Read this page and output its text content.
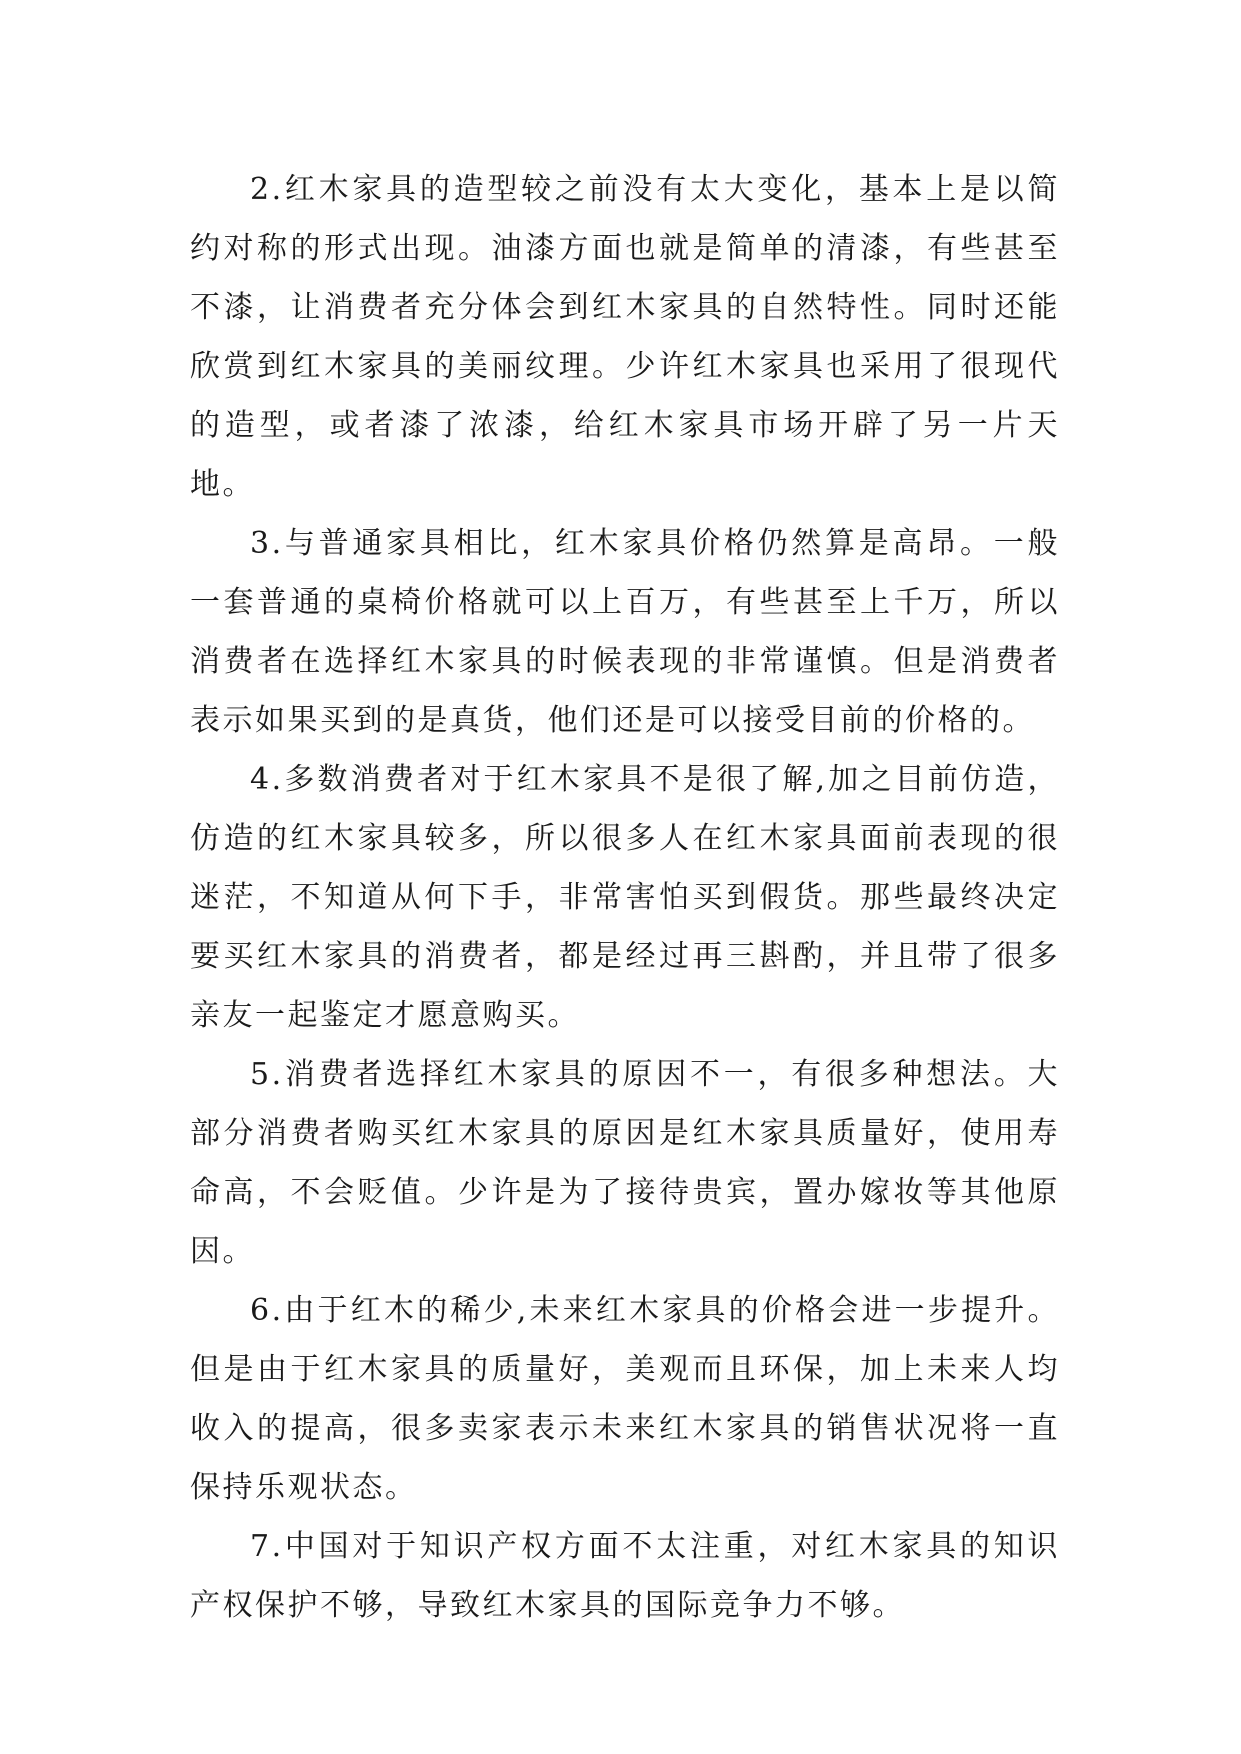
2.红木家具的造型较之前没有太大变化，基本上是以简约对称的形式出现。油漆方面也就是简单的清漆，有些甚至不漆，让消费者充分体会到红木家具的自然特性。同时还能欣赏到红木家具的美丽纹理。少许红木家具也采用了很现代的造型，或者漆了浓漆，给红木家具市场开辟了另一片天地。

3.与普通家具相比，红木家具价格仍然算是高昂。一般一套普通的桌椅价格就可以上百万，有些甚至上千万，所以消费者在选择红木家具的时候表现的非常谨慎。但是消费者表示如果买到的是真货，他们还是可以接受目前的价格的。

4.多数消费者对于红木家具不是很了解,加之目前仿造，仿造的红木家具较多，所以很多人在红木家具面前表现的很迷茫，不知道从何下手，非常害怕买到假货。那些最终决定要买红木家具的消费者，都是经过再三斟酌，并且带了很多亲友一起鉴定才愿意购买。

5.消费者选择红木家具的原因不一，有很多种想法。大部分消费者购买红木家具的原因是红木家具质量好，使用寿命高，不会贬值。少许是为了接待贵宾，置办嫁妆等其他原因。

6.由于红木的稀少,未来红木家具的价格会进一步提升。但是由于红木家具的质量好，美观而且环保，加上未来人均收入的提高，很多卖家表示未来红木家具的销售状况将一直保持乐观状态。

7.中国对于知识产权方面不太注重，对红木家具的知识产权保护不够，导致红木家具的国际竞争力不够。
